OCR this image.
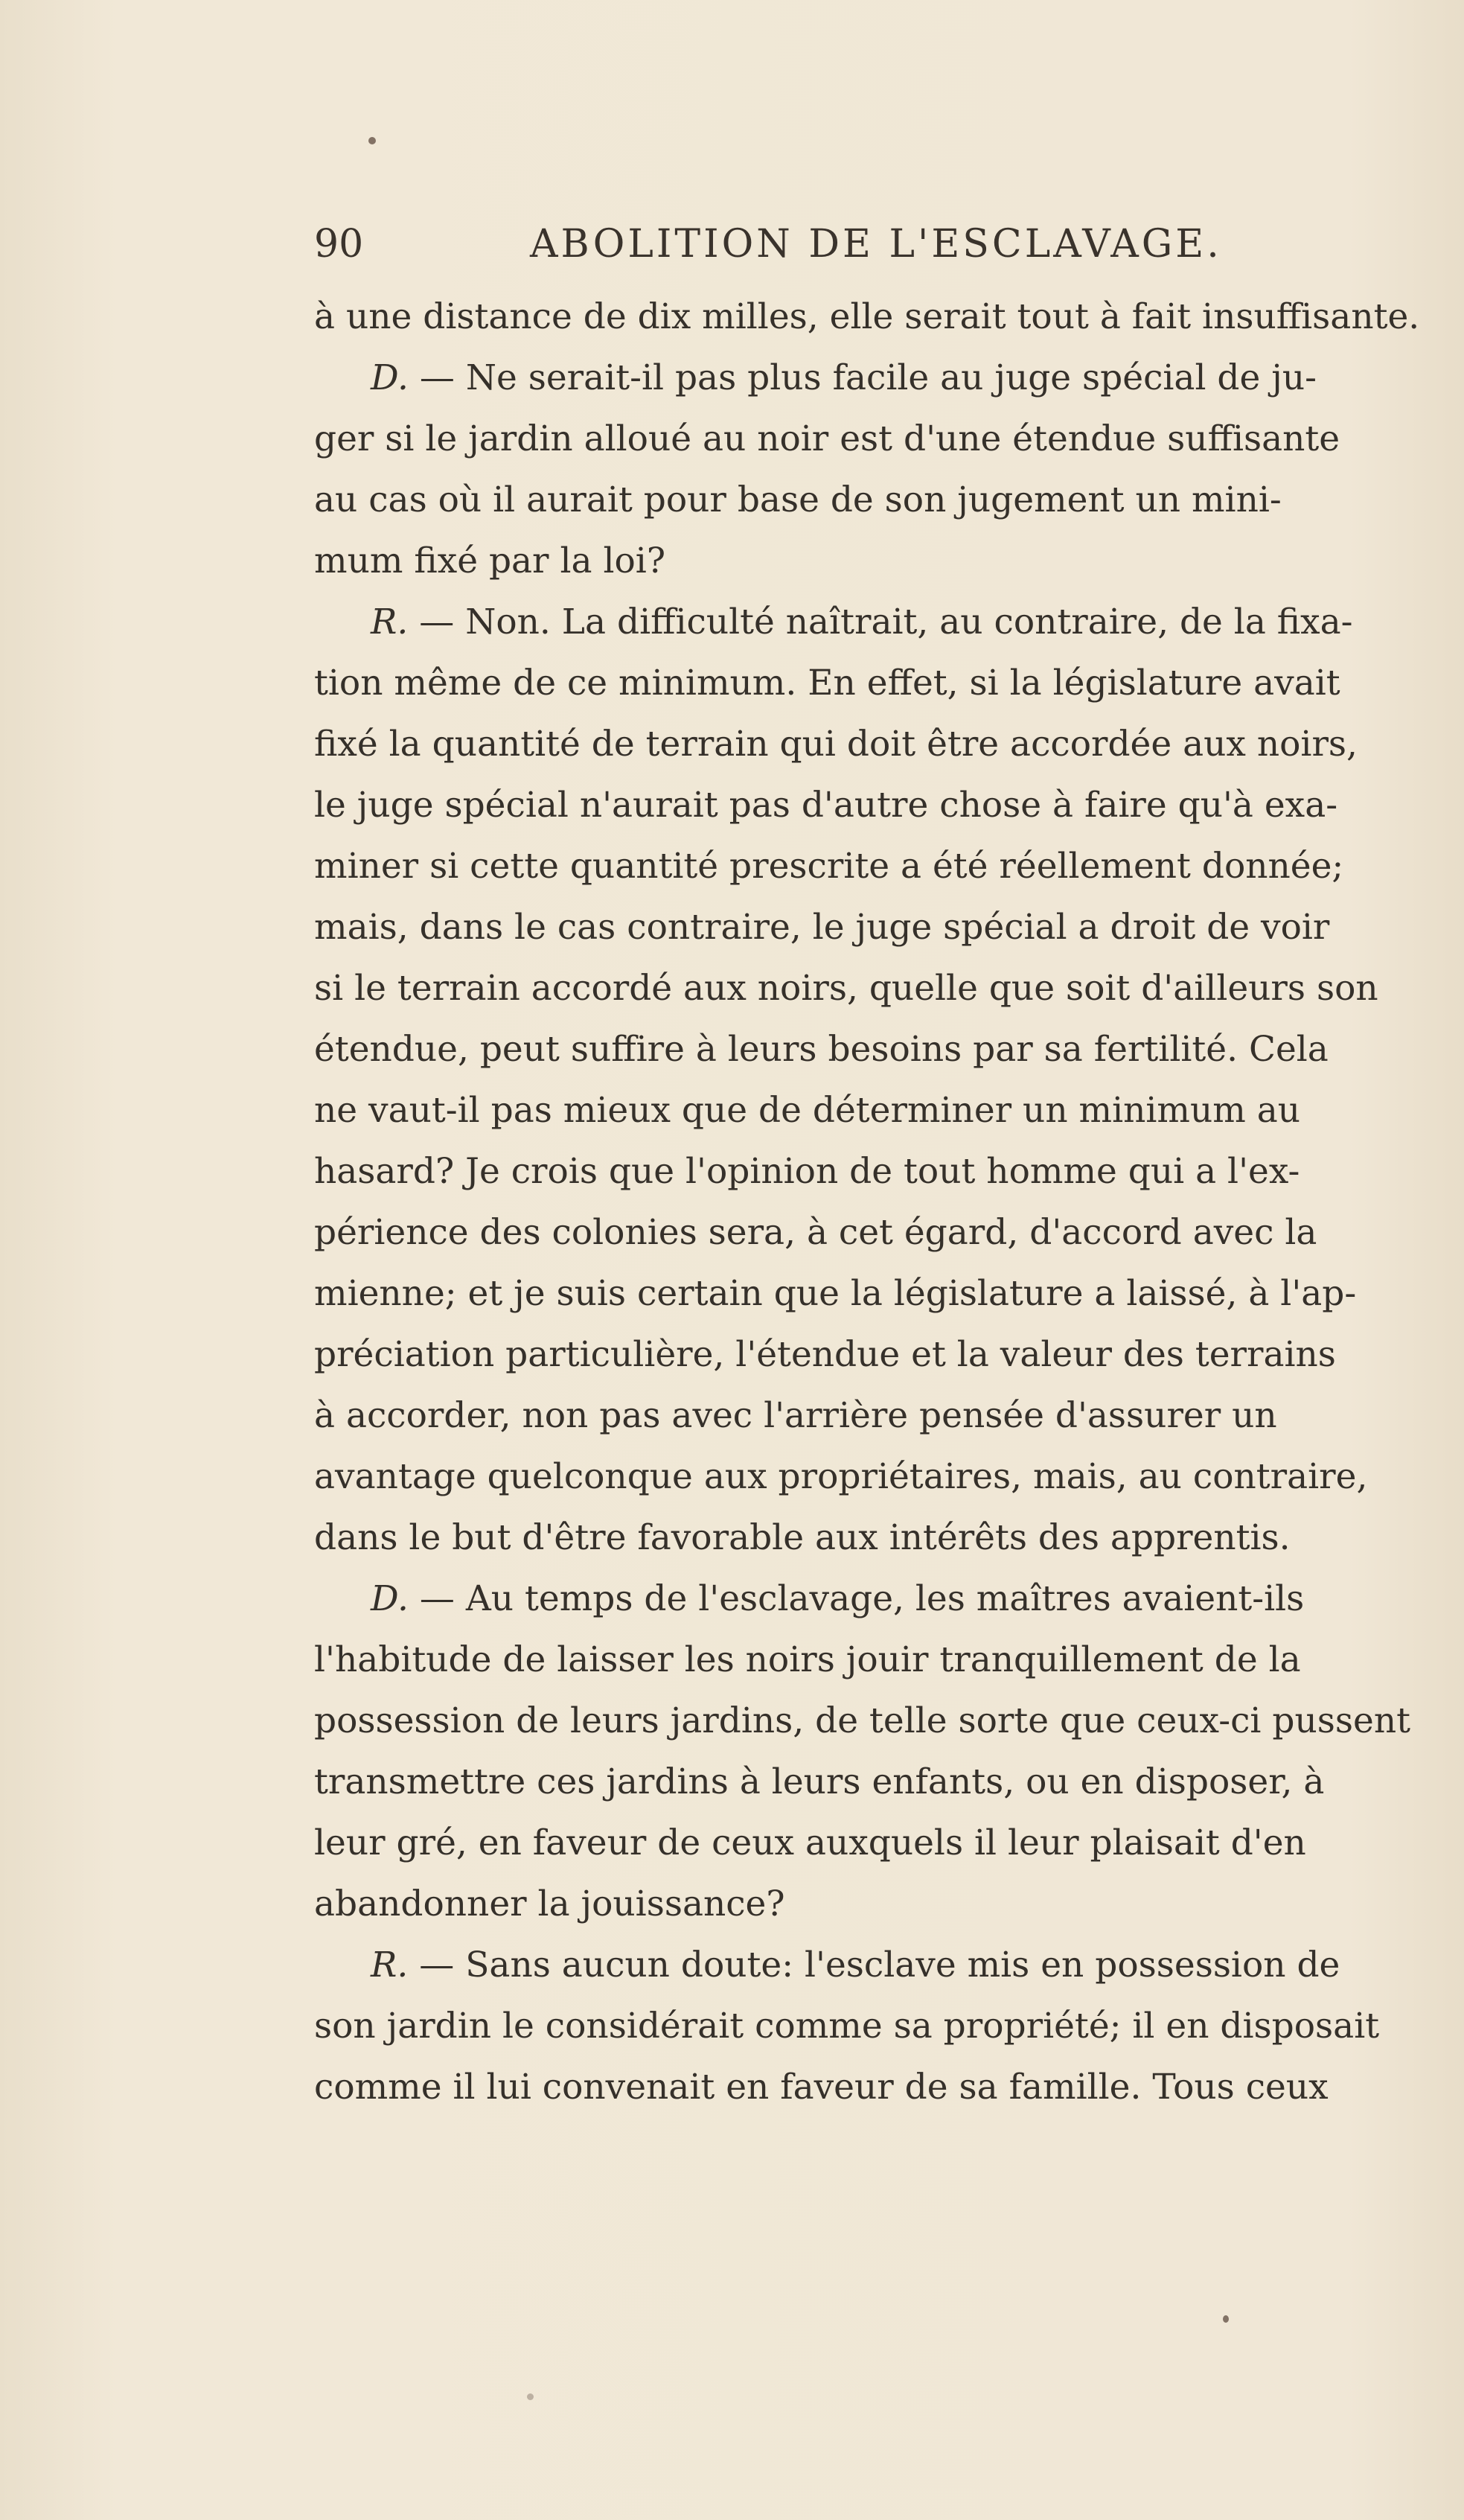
90	ABOLITION DE L'ESCLAVAGE.
à une distance de dix milles, elle serait tout à fait insuffisante.
D. — Ne serait-il pas plus facile au juge spécial de ju-
ger si le jardin alloué au noir est d'une étendue suffisante
au cas où il aurait pour base de son jugement un mini-
mum fixé par la loi?
R. — Non. La difficulté naîtrait, au contraire, de la fixa-
tion même de ce minimum. En effet, si la législature avait
fixé la quantité de terrain qui doit être accordée aux noirs,
le juge spécial n'aurait pas d'autre chose à faire qu'à exa-
miner si cette quantité prescrite a été réellement donnée;
mais, dans le cas contraire, le juge spécial a droit de voir
si le terrain accordé aux noirs, quelle que soit d'ailleurs son
étendue, peut suffire à leurs besoins par sa fertilité. Cela
ne vaut-il pas mieux que de déterminer un minimum au
hasard? Je crois que l'opinion de tout homme qui a l'ex-
périence des colonies sera, à cet égard, d'accord avec la
mienne; et je suis certain que la législature a laissé, à l'ap-
préciation particulière, l'étendue et la valeur des terrains
à accorder, non pas avec l'arrière pensée d'assurer un
avantage quelconque aux propriétaires, mais, au contraire,
dans le but d'être favorable aux intérêts des apprentis.
D. — Au temps de l'esclavage, les maîtres avaient-ils
l'habitude de laisser les noirs jouir tranquillement de la
possession de leurs jardins, de telle sorte que ceux-ci pussent
transmettre ces jardins à leurs enfants, ou en disposer, à
leur gré, en faveur de ceux auxquels il leur plaisait d'en
abandonner la jouissance?
R. — Sans aucun doute: l'esclave mis en possession de
son jardin le considérait comme sa propriété; il en disposait
comme il lui convenait en faveur de sa famille. Tous ceux
